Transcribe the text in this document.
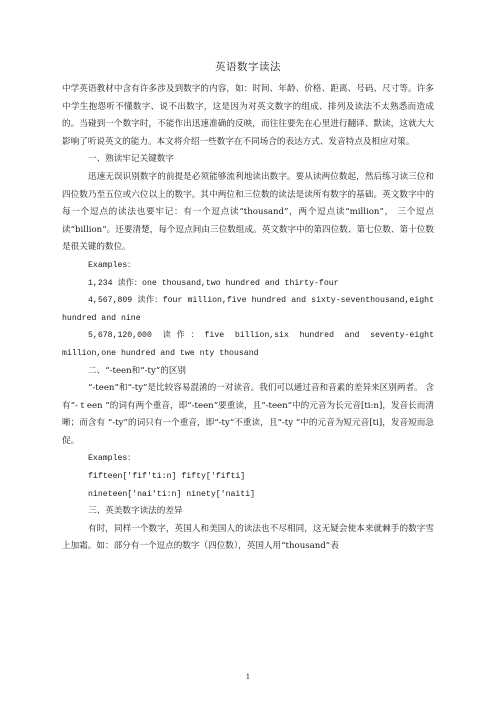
英语数字读法

中学英语教材中含有许多涉及到数字的内容，如：时间、年龄、价格、距离、号码、尺寸等。许多中学生抱怨听不懂数字、说不出数字，这是因为对英文数字的组成、排列及读法不太熟悉而造成的。当碰到一个数字时，不能作出迅速准确的反映，而往往要先在心里进行翻译、默读，这就大大影响了听说英文的能力。本文将介绍一些数字在不同场合的表达方式、发音特点及相应对策。

一、熟读牢记关键数字

迅速无误识别数字的前提是必须能够流利地读出数字。要从读两位数起，然后练习读三位和四位数乃至五位或六位以上的数字。其中两位和三位数的读法是读所有数字的基础。英文数字中的每一个逗点的读法也要牢记：有一个逗点读“thousand”，两个逗点读“million”， 三个逗点读“billion”。还要清楚，每个逗点间由三位数组成。英文数字中的第四位数、第七位数、第十位数是很关键的数位。

Examples：

1,234 读作：one thousand,two hundred and thirty-four

4,567,809 读作：four million,five hundred and sixty-seventhousand,eight hundred and nine

5,678,120,000 读作：five billion,six hundred and seventy-eight million,one hundred and twe nty thousand

二、“-teen和“-ty”的区别

“-teen”和“-ty”是比较容易混淆的一对读音。我们可以通过音和音素的差异来区别两者。 含有“- t een ”的词有两个重音，即“-teen”要重读，且“-teen”中的元音为长元音[ti:n]，发音长而清晰；而含有 “-ty”的词只有一个重音，即“-ty”不重读，且“-ty ”中的元音为短元音[ti]，发音短而急促。

Examples：

fifteen['fif'ti:n] fifty['fifti]

nineteen['nai'ti:n] ninety['naiti]

三、英美数字读法的差异

有时，同样一个数字，英国人和美国人的读法也不尽相同，这无疑会使本来就棘手的数字雪上加霜。如：部分有一个逗点的数字（四位数），英国人用“thousand”表

1
